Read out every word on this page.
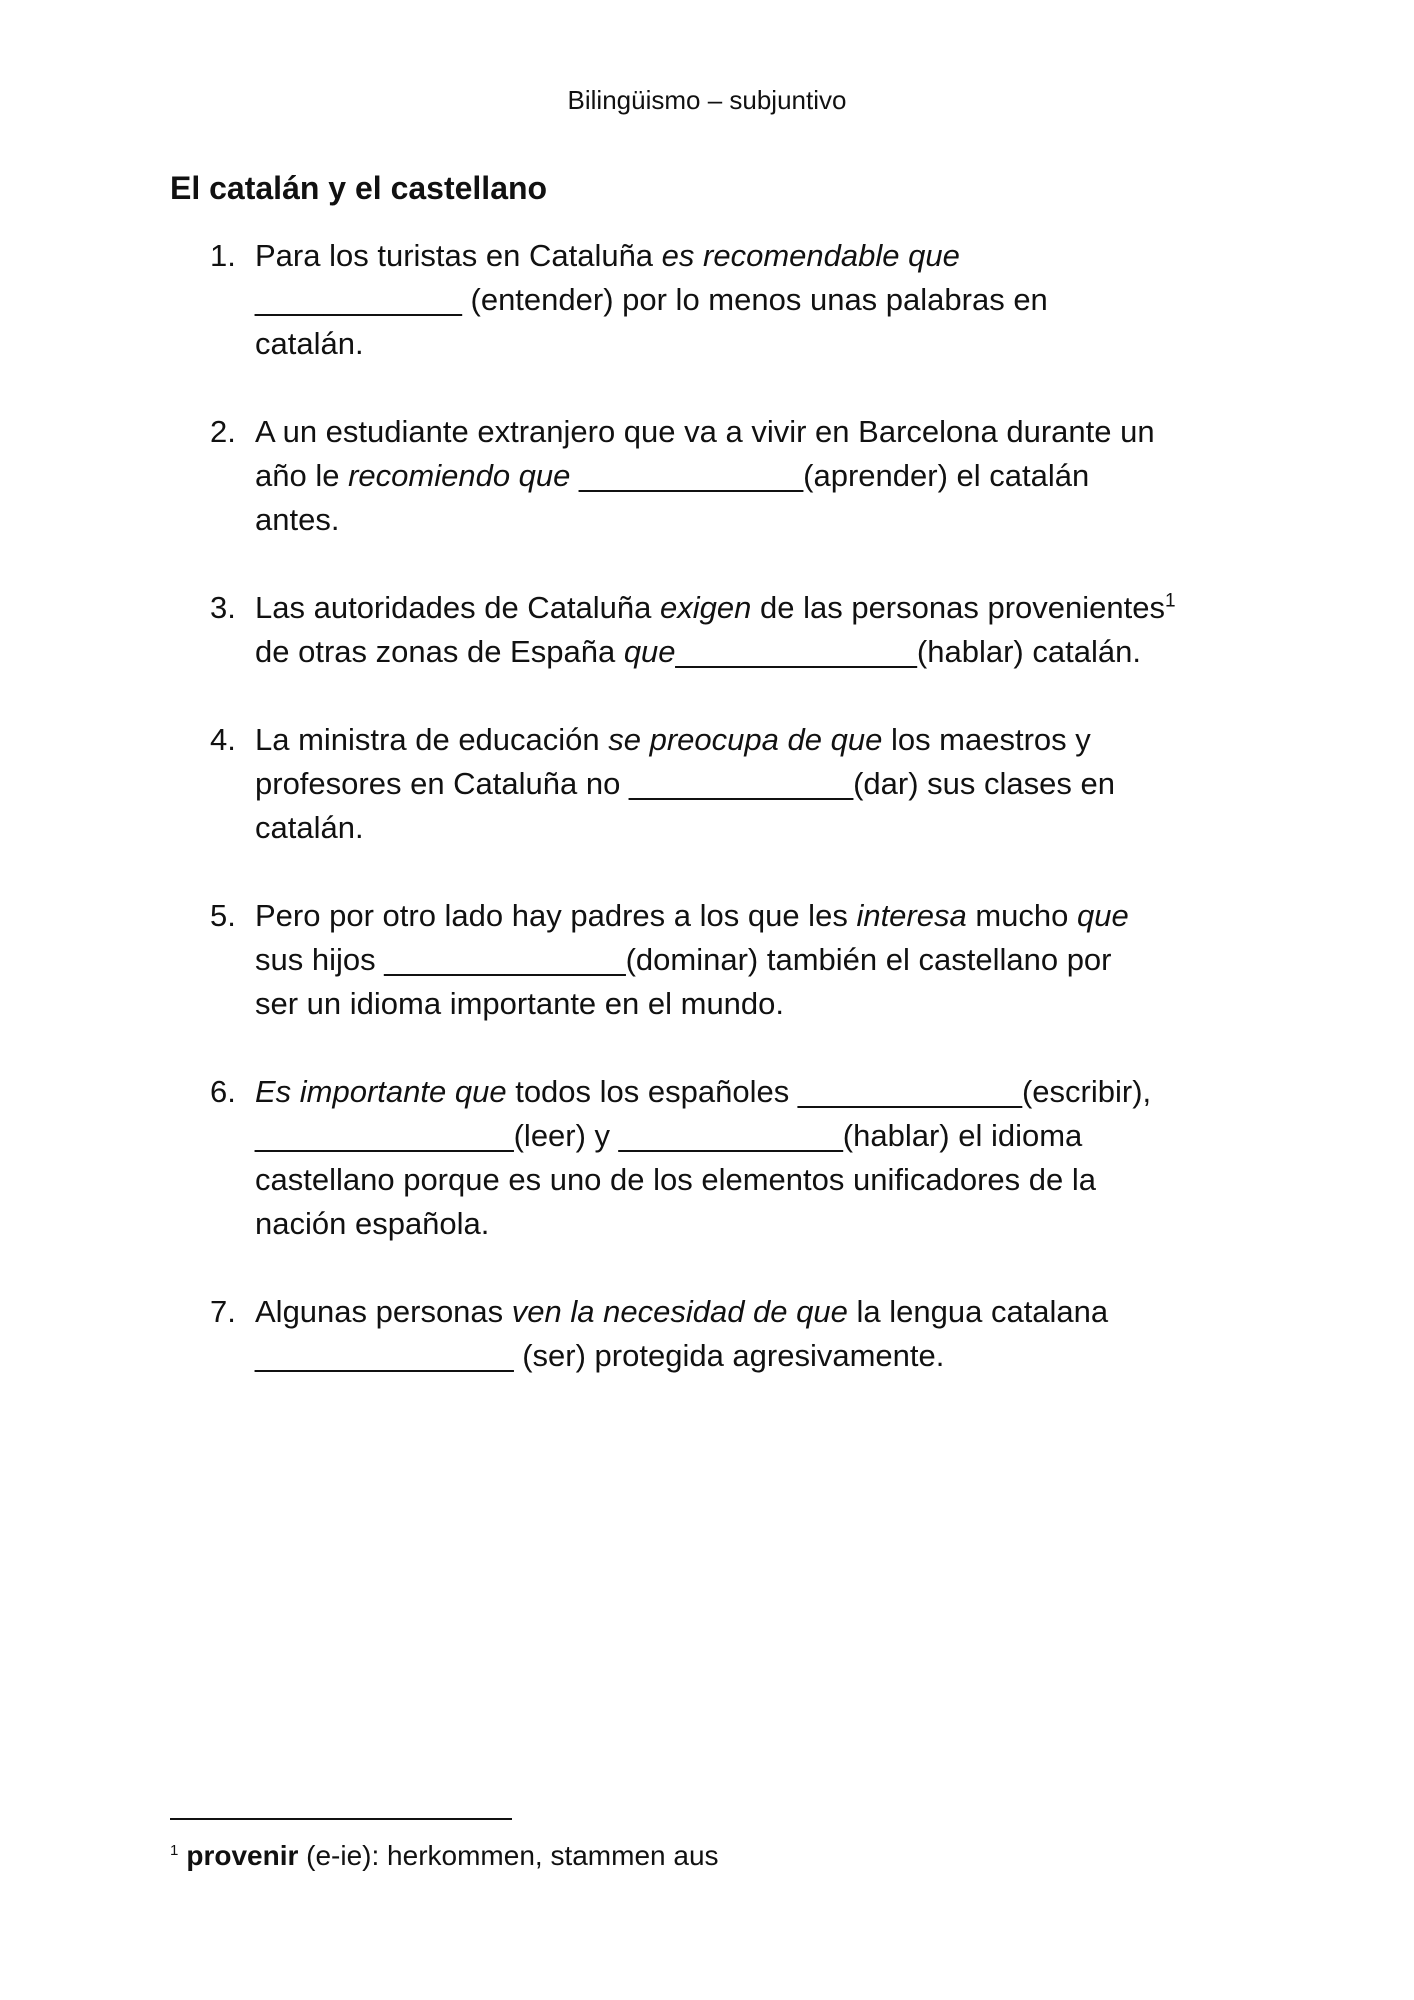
Bilingüismo – subjuntivo
El catalán y el castellano
1. Para los turistas en Cataluña es recomendable que
____________ (entender) por lo menos unas palabras en
catalán.
2. A un estudiante extranjero que va a vivir en Barcelona durante un
año le recomiendo que _____________(aprender) el catalán
antes.
3. Las autoridades de Cataluña exigen de las personas provenientes$^1$
de otras zonas de España que______________(hablar) catalán.
4. La ministra de educación se preocupa de que los maestros y
profesores en Cataluña no _____________(dar) sus clases en
catalán.
5. Pero por otro lado hay padres a los que les interesa mucho que
sus hijos ______________(dominar) también el castellano por
ser un idioma importante en el mundo.
6. Es importante que todos los españoles _____________(escribir),
_______________(leer) y _____________(hablar) el idioma
castellano porque es uno de los elementos unificadores de la
nación española.
7. Algunas personas ven la necesidad de que la lengua catalana
_______________ (ser) protegida agresivamente.
$^1$ provenir (e-ie): herkommen, stammen aus
